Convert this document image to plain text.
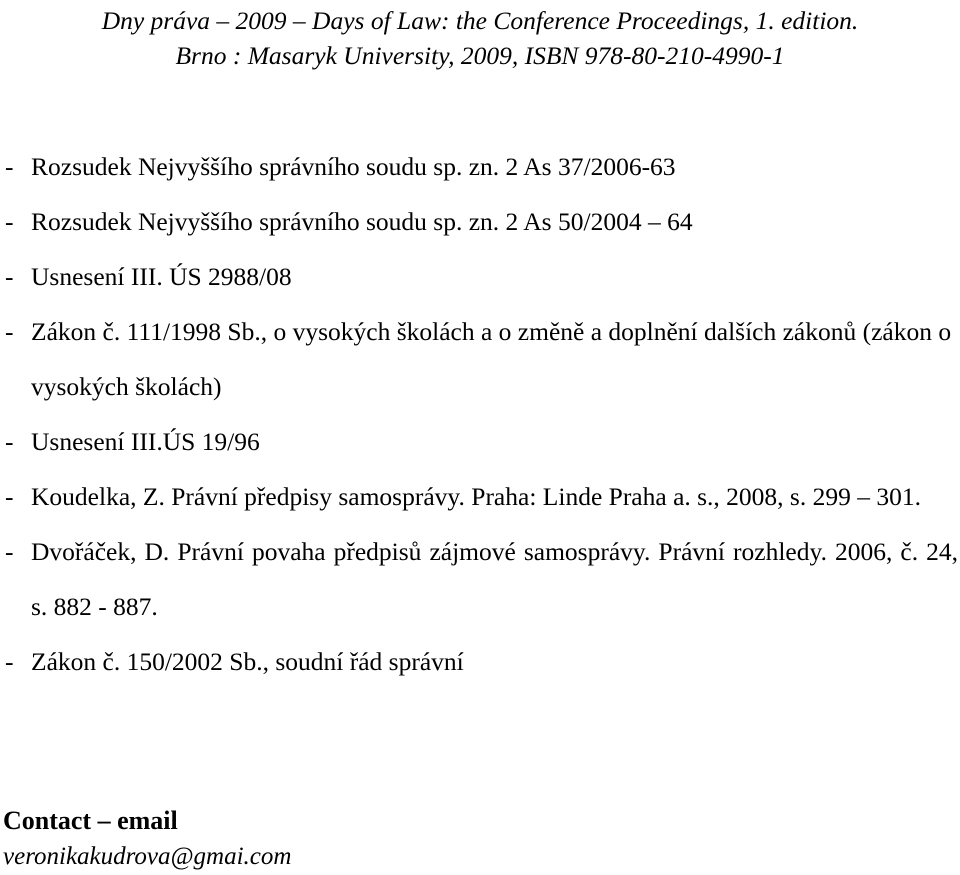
Dny práva – 2009 – Days of Law: the Conference Proceedings, 1. edition.
Brno : Masaryk University, 2009, ISBN 978-80-210-4990-1
- Rozsudek Nejvyššího správního soudu sp. zn. 2 As 37/2006-63
- Rozsudek Nejvyššího správního soudu sp. zn. 2 As 50/2004 – 64
- Usnesení III. ÚS 2988/08
- Zákon č. 111/1998 Sb., o vysokých školách a o změně a doplnění dalších zákonů (zákon o vysokých školách)
- Usnesení III.ÚS 19/96
- Koudelka, Z. Právní předpisy samosprávy. Praha: Linde Praha a. s., 2008, s. 299 – 301.
- Dvořáček, D. Právní povaha předpisů zájmové samosprávy. Právní rozhledy. 2006, č. 24, s. 882 - 887.
- Zákon č. 150/2002 Sb., soudní řád správní
Contact – email
veronikakudrova@gmai.com
